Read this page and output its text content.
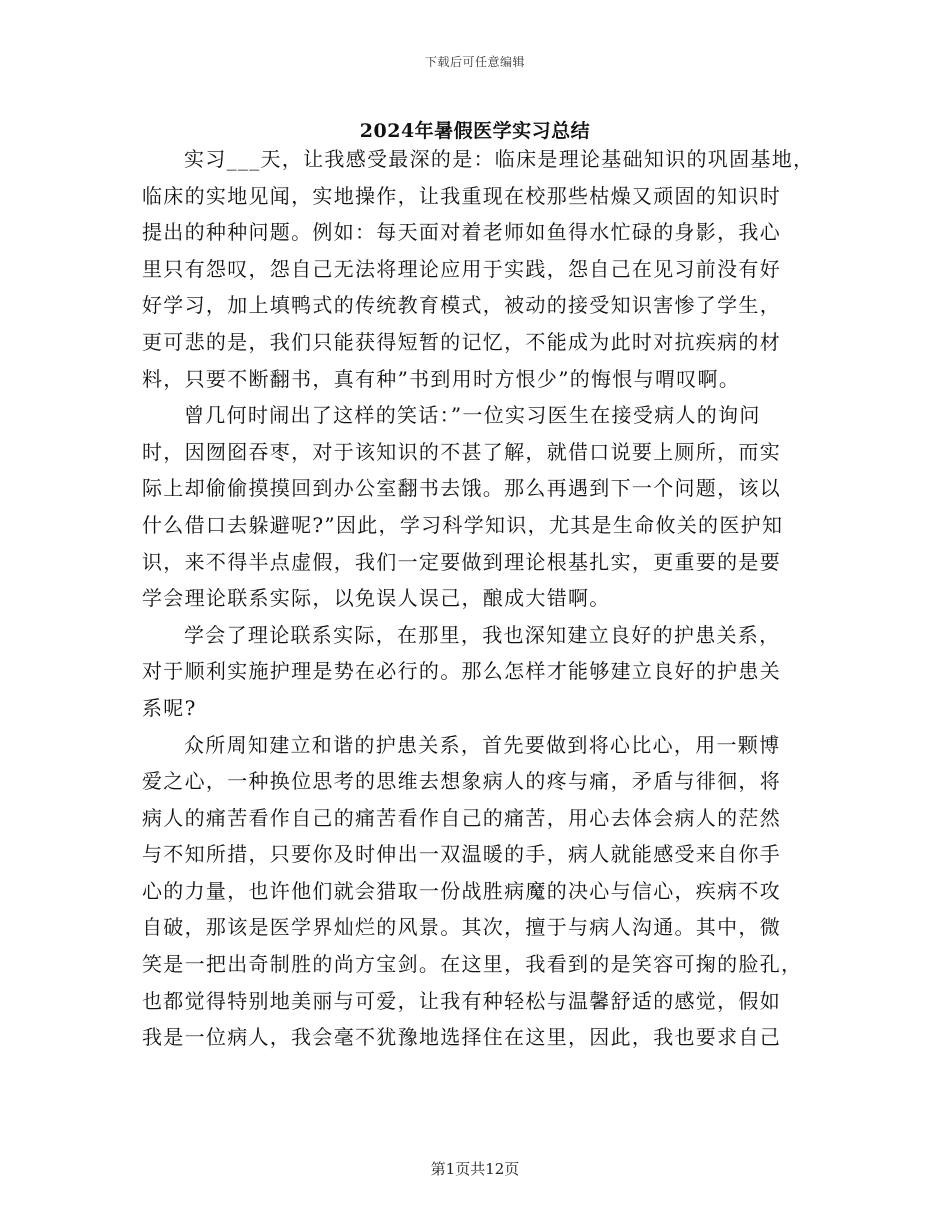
下载后可任意编辑
2024年暑假医学实习总结
实习___天，让我感受最深的是：临床是理论基础知识的巩固基地，
临床的实地见闻，实地操作，让我重现在校那些枯燥又顽固的知识时
提出的种种问题。例如：每天面对着老师如鱼得水忙碌的身影，我心
里只有怨叹，怨自己无法将理论应用于实践，怨自己在见习前没有好
好学习，加上填鸭式的传统教育模式，被动的接受知识害惨了学生，
更可悲的是，我们只能获得短暂的记忆，不能成为此时对抗疾病的材
料，只要不断翻书，真有种”书到用时方恨少”的悔恨与喟叹啊。
曾几何时闹出了这样的笑话：”一位实习医生在接受病人的询问
时，因囫囵吞枣，对于该知识的不甚了解，就借口说要上厕所，而实
际上却偷偷摸摸回到办公室翻书去饿。那么再遇到下一个问题，该以
什么借口去躲避呢?”因此，学习科学知识，尤其是生命攸关的医护知
识，来不得半点虚假，我们一定要做到理论根基扎实，更重要的是要
学会理论联系实际，以免误人误己，酿成大错啊。
学会了理论联系实际，在那里，我也深知建立良好的护患关系，
对于顺利实施护理是势在必行的。那么怎样才能够建立良好的护患关
系呢?
众所周知建立和谐的护患关系，首先要做到将心比心，用一颗博
爱之心，一种换位思考的思维去想象病人的疼与痛，矛盾与徘徊，将
病人的痛苦看作自己的痛苦看作自己的痛苦，用心去体会病人的茫然
与不知所措，只要你及时伸出一双温暖的手，病人就能感受来自你手
心的力量，也许他们就会猎取一份战胜病魔的决心与信心，疾病不攻
自破，那该是医学界灿烂的风景。其次，擅于与病人沟通。其中，微
笑是一把出奇制胜的尚方宝剑。在这里，我看到的是笑容可掬的脸孔，
也都觉得特别地美丽与可爱，让我有种轻松与温馨舒适的感觉，假如
我是一位病人，我会毫不犹豫地选择住在这里，因此，我也要求自己
第1页共12页
